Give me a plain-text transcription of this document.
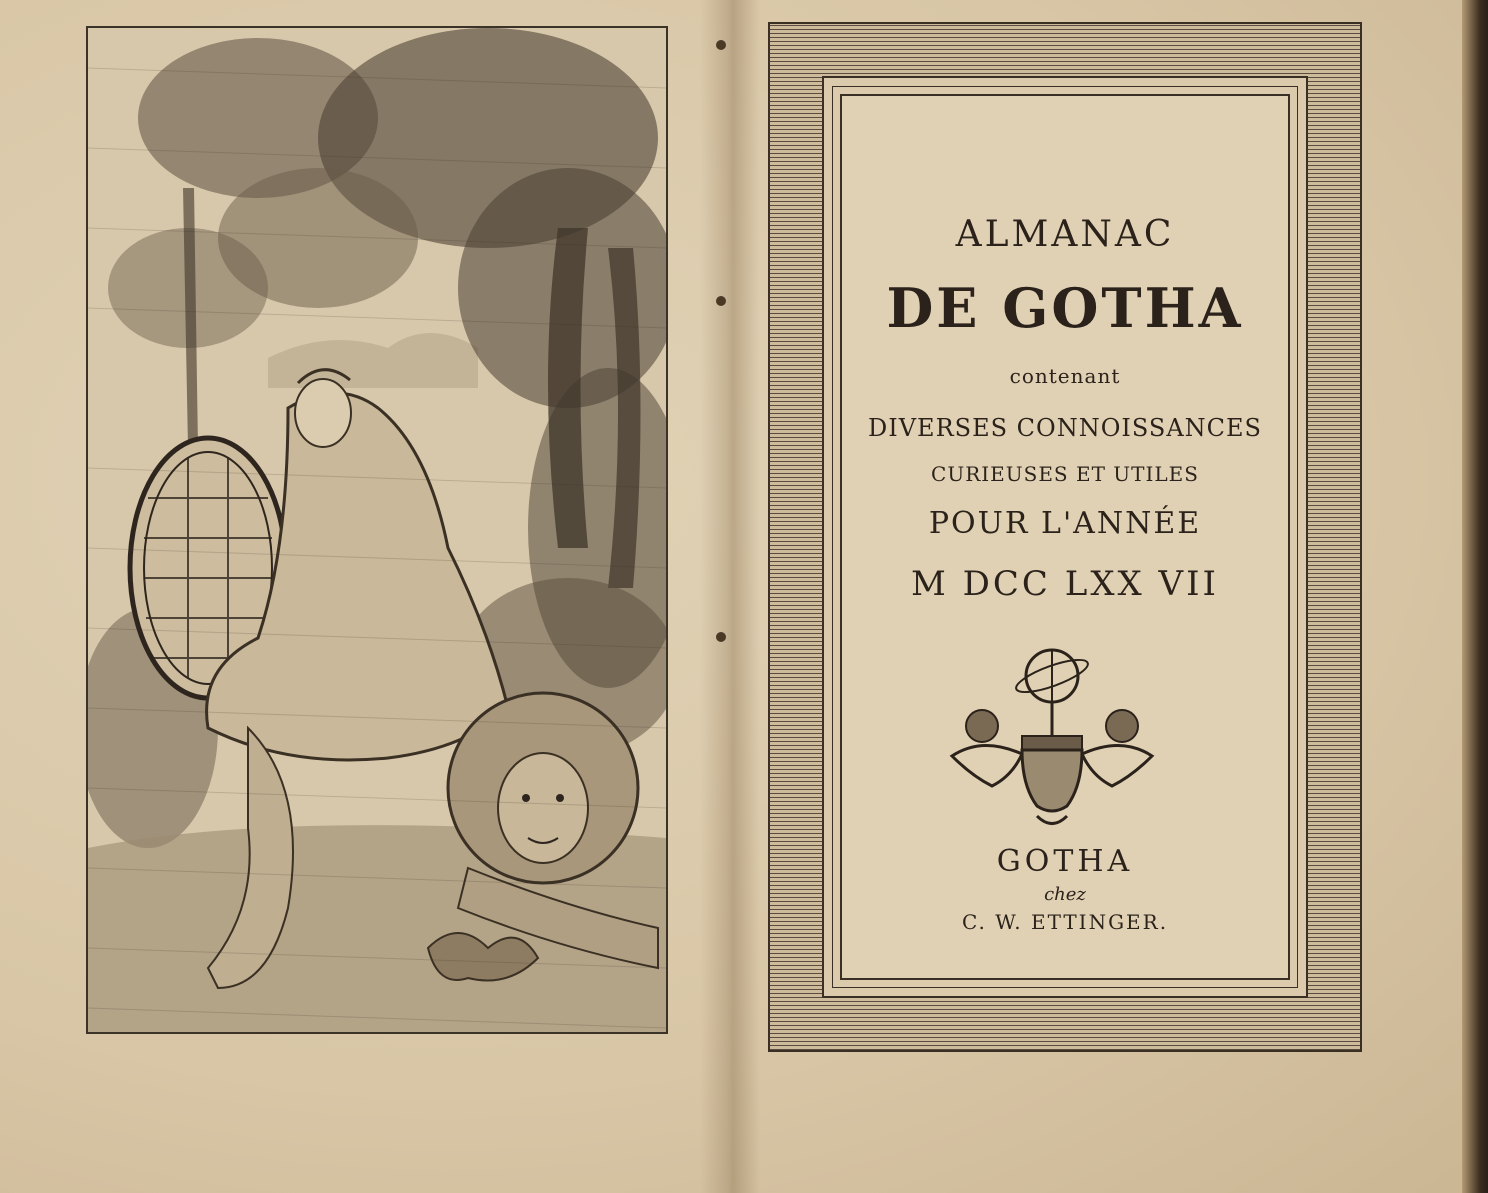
ALMANAC
DE GOTHA
contenant
DIVERSES CONNOISSANCES
CURIEUSES ET UTILES
POUR L'ANNÉE
M DCC LXX VII
GOTHA
chez
C. W. ETTINGER.
